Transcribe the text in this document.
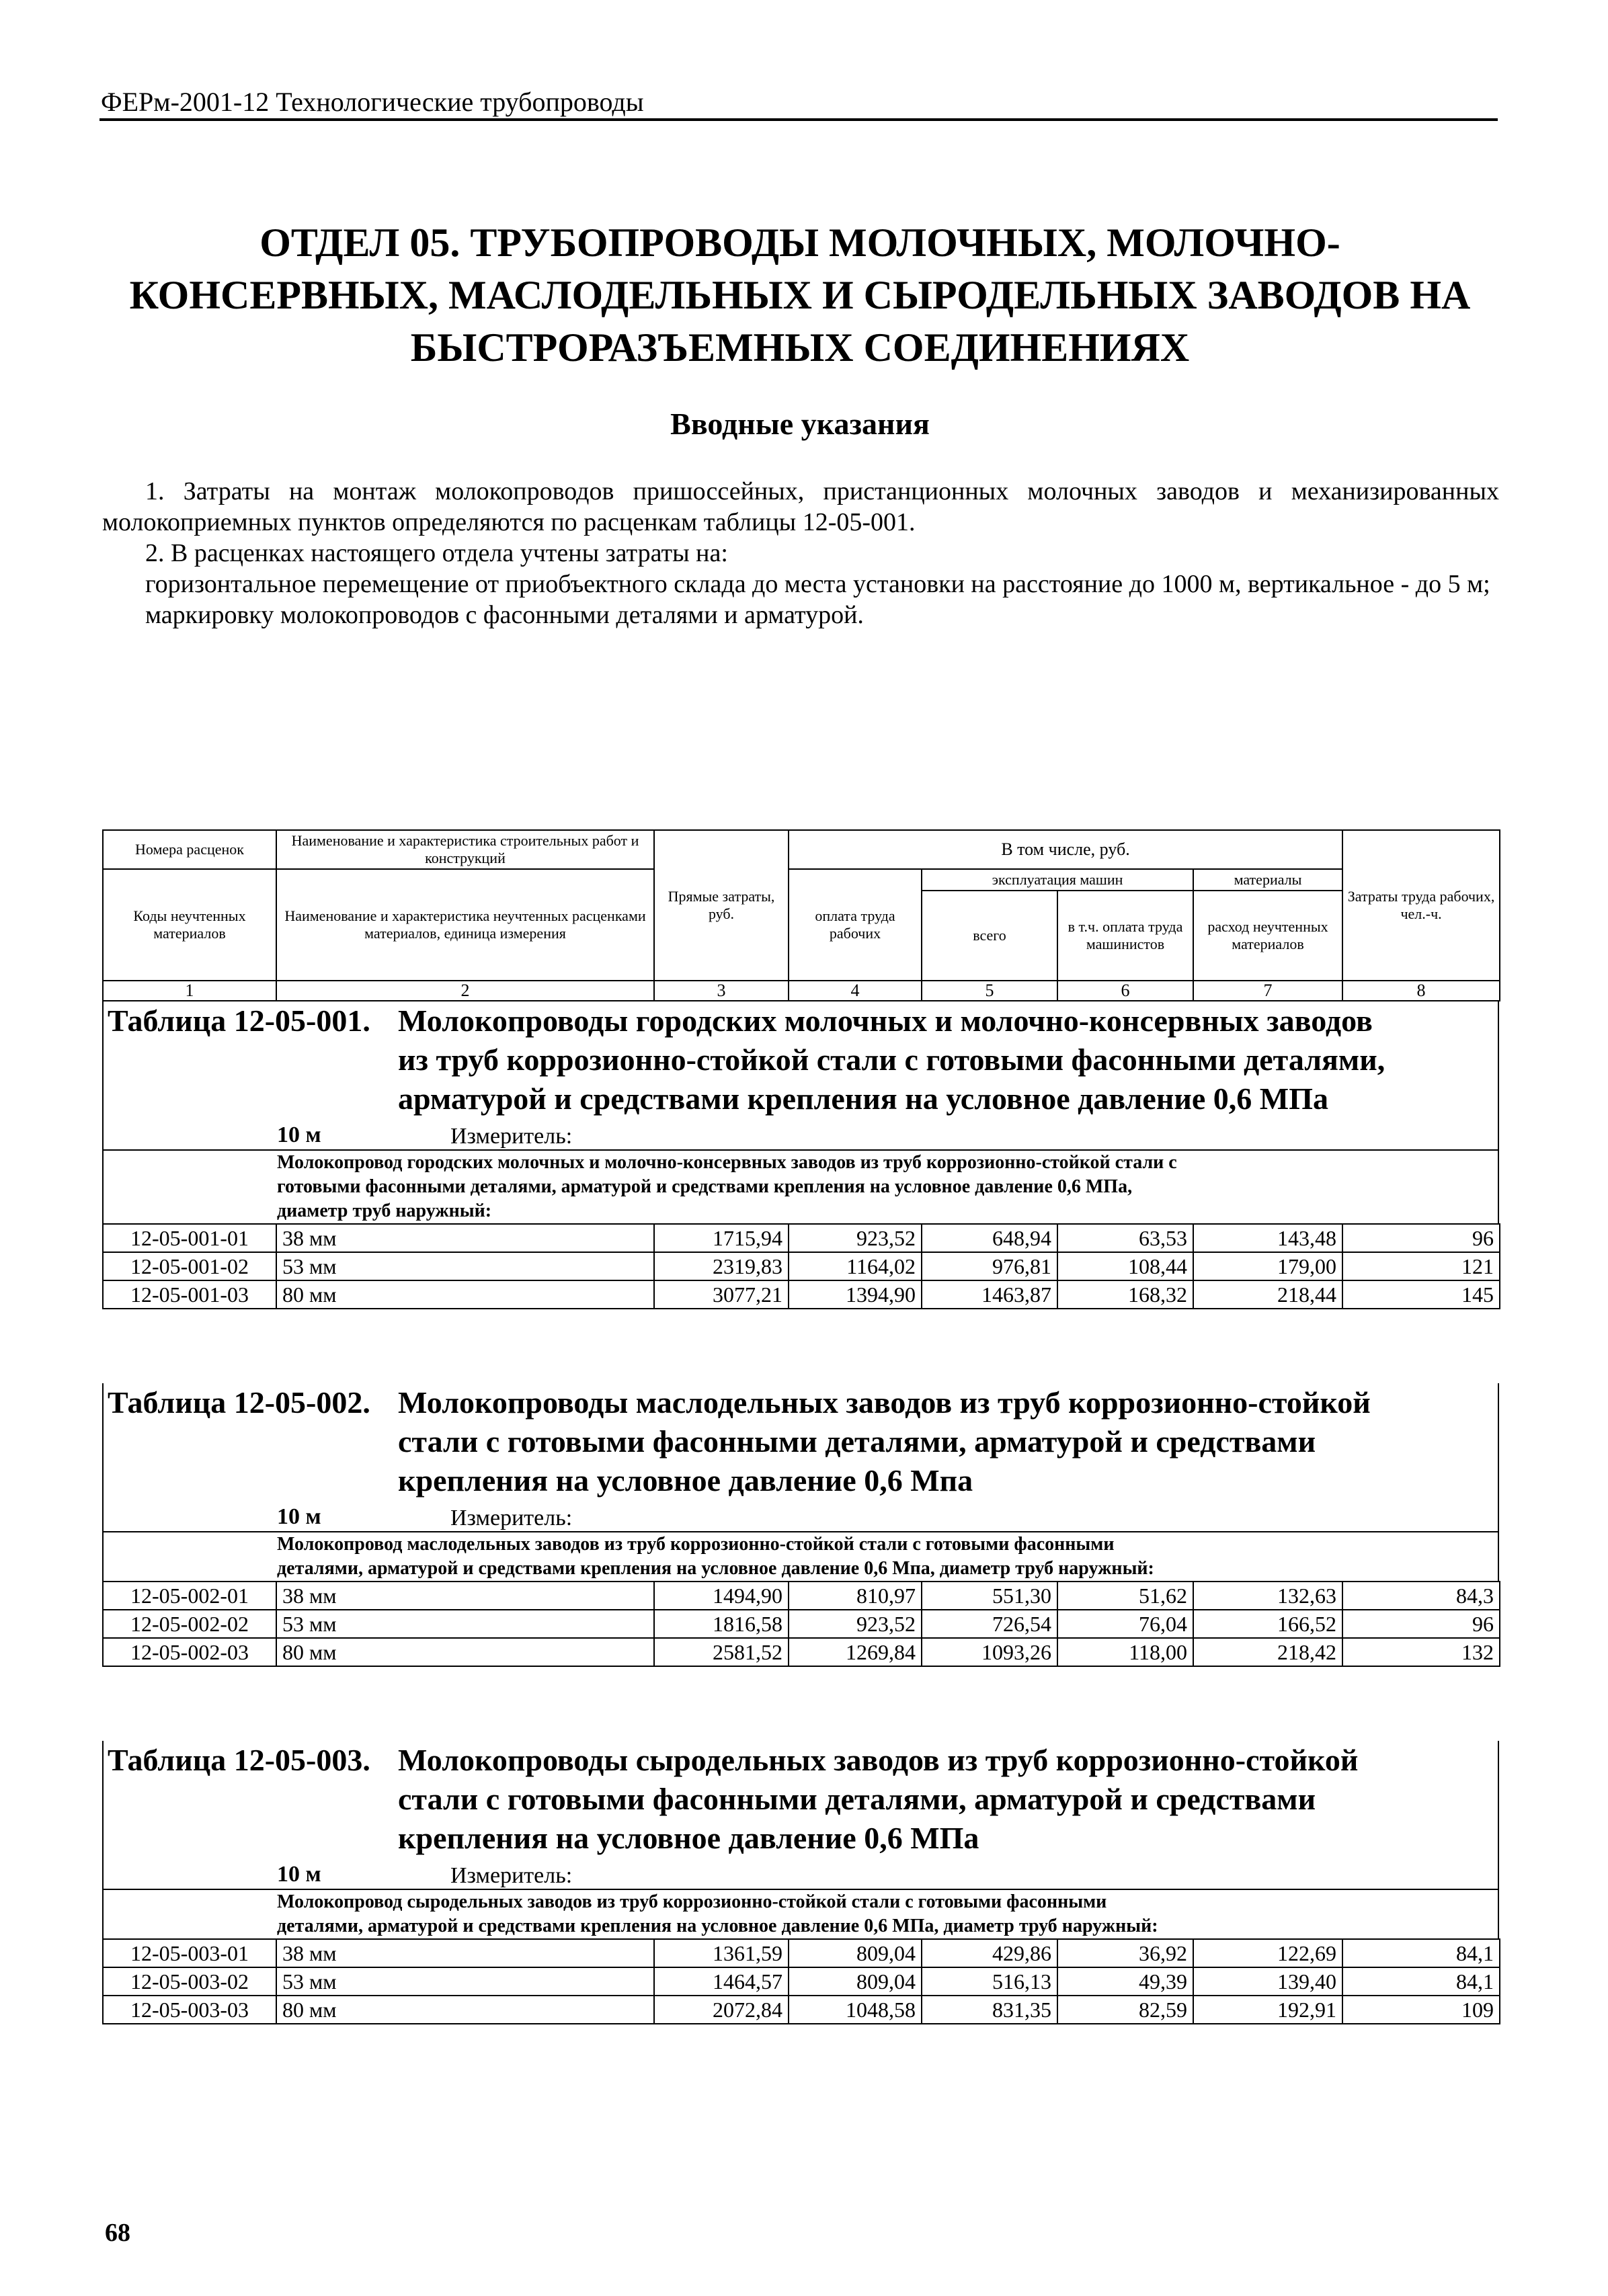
ФЕРм-2001-12 Технологические трубопроводы
ОТДЕЛ 05. ТРУБОПРОВОДЫ МОЛОЧНЫХ, МОЛОЧНО-
КОНСЕРВНЫХ, МАСЛОДЕЛЬНЫХ И СЫРОДЕЛЬНЫХ ЗАВОДОВ НА
БЫСТРОРАЗЪЕМНЫХ СОЕДИНЕНИЯХ
Вводные указания

1. Затраты на монтаж молокопроводов пришоссейных, пристанционных молочных заводов и механизированных молокоприемных пунктов определяются по расценкам таблицы 12-05-001.

2. В расценках настоящего отдела учтены затраты на:

горизонтальное перемещение от приобъектного склада до места установки на расстояние до 1000 м, вертикальное - до 5 м;

маркировку молокопроводов с фасонными деталями и арматурой.

Номера расценок	Наименование и характеристика строительных работ и конструкций	Прямые затраты, руб.	В том числе, руб.				Затраты труда рабочих, чел.-ч.
Коды неучтенных материалов	Наименование и характеристика неучтенных расценками материалов, единица измерения		оплата труда рабочих	эксплуатация машин		материалы	
				всего	в т.ч. оплата труда машинистов	расход неучтенных материалов	
1	2	3	4	5	6	7	8
Таблица 12-05-001. Молокопроводы городских молочных и молочно-консервных заводов
из труб коррозионно-стойкой стали с готовыми фасонными деталями,
арматурой и средствами крепления на условное давление 0,6 МПа
Измеритель:
10 м
Молокопровод городских молочных и молочно-консервных заводов из труб коррозионно-стойкой стали с
готовыми фасонными деталями, арматурой и средствами крепления на условное давление 0,6 МПа,
диаметр труб наружный:
12-05-001-01	38 мм	1715,94	923,52	648,94	63,53	143,48	96
12-05-001-02	53 мм	2319,83	1164,02	976,81	108,44	179,00	121
12-05-001-03	80 мм	3077,21	1394,90	1463,87	168,32	218,44	145
Таблица 12-05-002. Молокопроводы маслодельных заводов из труб коррозионно-стойкой
стали с готовыми фасонными деталями, арматурой и средствами
крепления на условное давление 0,6 Мпа
Измеритель:
10 м
Молокопровод маслодельных заводов из труб коррозионно-стойкой стали с готовыми фасонными
деталями, арматурой и средствами крепления на условное давление 0,6 Мпа, диаметр труб наружный:
12-05-002-01	38 мм	1494,90	810,97	551,30	51,62	132,63	84,3
12-05-002-02	53 мм	1816,58	923,52	726,54	76,04	166,52	96
12-05-002-03	80 мм	2581,52	1269,84	1093,26	118,00	218,42	132
Таблица 12-05-003. Молокопроводы сыродельных заводов из труб коррозионно-стойкой
стали с готовыми фасонными деталями, арматурой и средствами
крепления на условное давление 0,6 МПа
Измеритель:
10 м
Молокопровод сыродельных заводов из труб коррозионно-стойкой стали с готовыми фасонными
деталями, арматурой и средствами крепления на условное давление 0,6 МПа, диаметр труб наружный:
12-05-003-01	38 мм	1361,59	809,04	429,86	36,92	122,69	84,1
12-05-003-02	53 мм	1464,57	809,04	516,13	49,39	139,40	84,1
12-05-003-03	80 мм	2072,84	1048,58	831,35	82,59	192,91	109
68
